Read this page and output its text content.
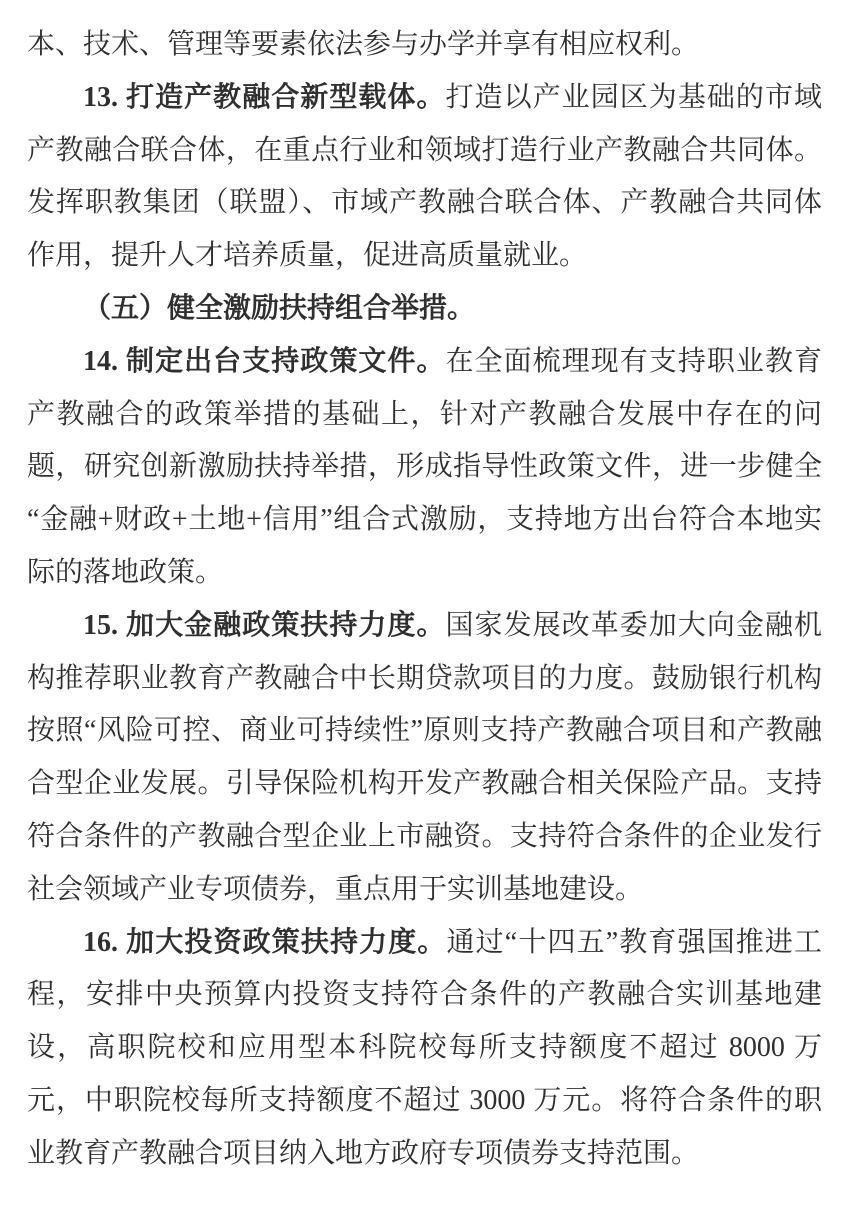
本、技术、管理等要素依法参与办学并享有相应权利。

13. 打造产教融合新型载体。打造以产业园区为基础的市域产教融合联合体，在重点行业和领域打造行业产教融合共同体。发挥职教集团（联盟）、市域产教融合联合体、产教融合共同体作用，提升人才培养质量，促进高质量就业。

（五）健全激励扶持组合举措。

14. 制定出台支持政策文件。在全面梳理现有支持职业教育产教融合的政策举措的基础上，针对产教融合发展中存在的问题，研究创新激励扶持举措，形成指导性政策文件，进一步健全“金融+财政+土地+信用”组合式激励，支持地方出台符合本地实际的落地政策。

15. 加大金融政策扶持力度。国家发展改革委加大向金融机构推荐职业教育产教融合中长期贷款项目的力度。鼓励银行机构按照“风险可控、商业可持续性”原则支持产教融合项目和产教融合型企业发展。引导保险机构开发产教融合相关保险产品。支持符合条件的产教融合型企业上市融资。支持符合条件的企业发行社会领域产业专项债券，重点用于实训基地建设。

16. 加大投资政策扶持力度。通过“十四五”教育强国推进工程，安排中央预算内投资支持符合条件的产教融合实训基地建设，高职院校和应用型本科院校每所支持额度不超过 8000 万元，中职院校每所支持额度不超过 3000 万元。将符合条件的职业教育产教融合项目纳入地方政府专项债券支持范围。
